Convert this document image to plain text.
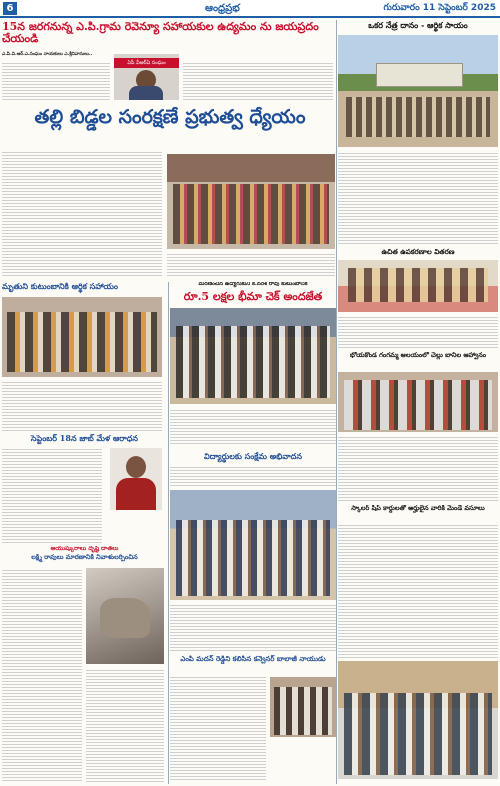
6	ఆంధ్రప్రభ	గురువారం 11 సెప్టెంబర్ 2025
15న జరగనున్న ఎ.పి.గ్రామ రెవెన్యూ సహాయకుల ఉద్యమం ను జయప్రదం చేయండి
ఎ.పి.వి.ఆర్.ఎ.సంఘం నాయకులు ఎ.శ్రీనివాసులు..
ఏపీ వీఆర్ఏ సంఘం
ఒకర నేత్ర దానం - ఆర్థిక సాయం
తల్లి బిడ్డల సంరక్షణే ప్రభుత్వ ధ్యేయం
ఉచిత ఉపకరణాల వితరణ
మృతుని కుటుంబానికి ఆర్థిక సహాయం	మరణించిన ఉద్యోగుకుని కె.నరేశ్ రావు కుటుంబానికి
రూ.5 లక్షల భీమా చెక్ అందజేత
భోయకొండ గంగమ్మ ఆలయంలో చెల్లు బానిల ఆహ్వానం
సెప్టెంబర్ 18న జాబ్ మేళ ఆరాధన
విద్యార్థులకు సంక్షేమ అభివాదన
ఆయుష్కురాలు దృష్టి దాతలు
లక్ష్మి రావులు మారణానికి నివాళులర్పించిన
స్కాలర్ షిప్ కార్డులతో అర్హులైన వారికి మెండే వసూలు
ఎంపి మదన్ రెడ్డిని కలిసిన కన్వెనర్ బాలాజీ నాయుడు
